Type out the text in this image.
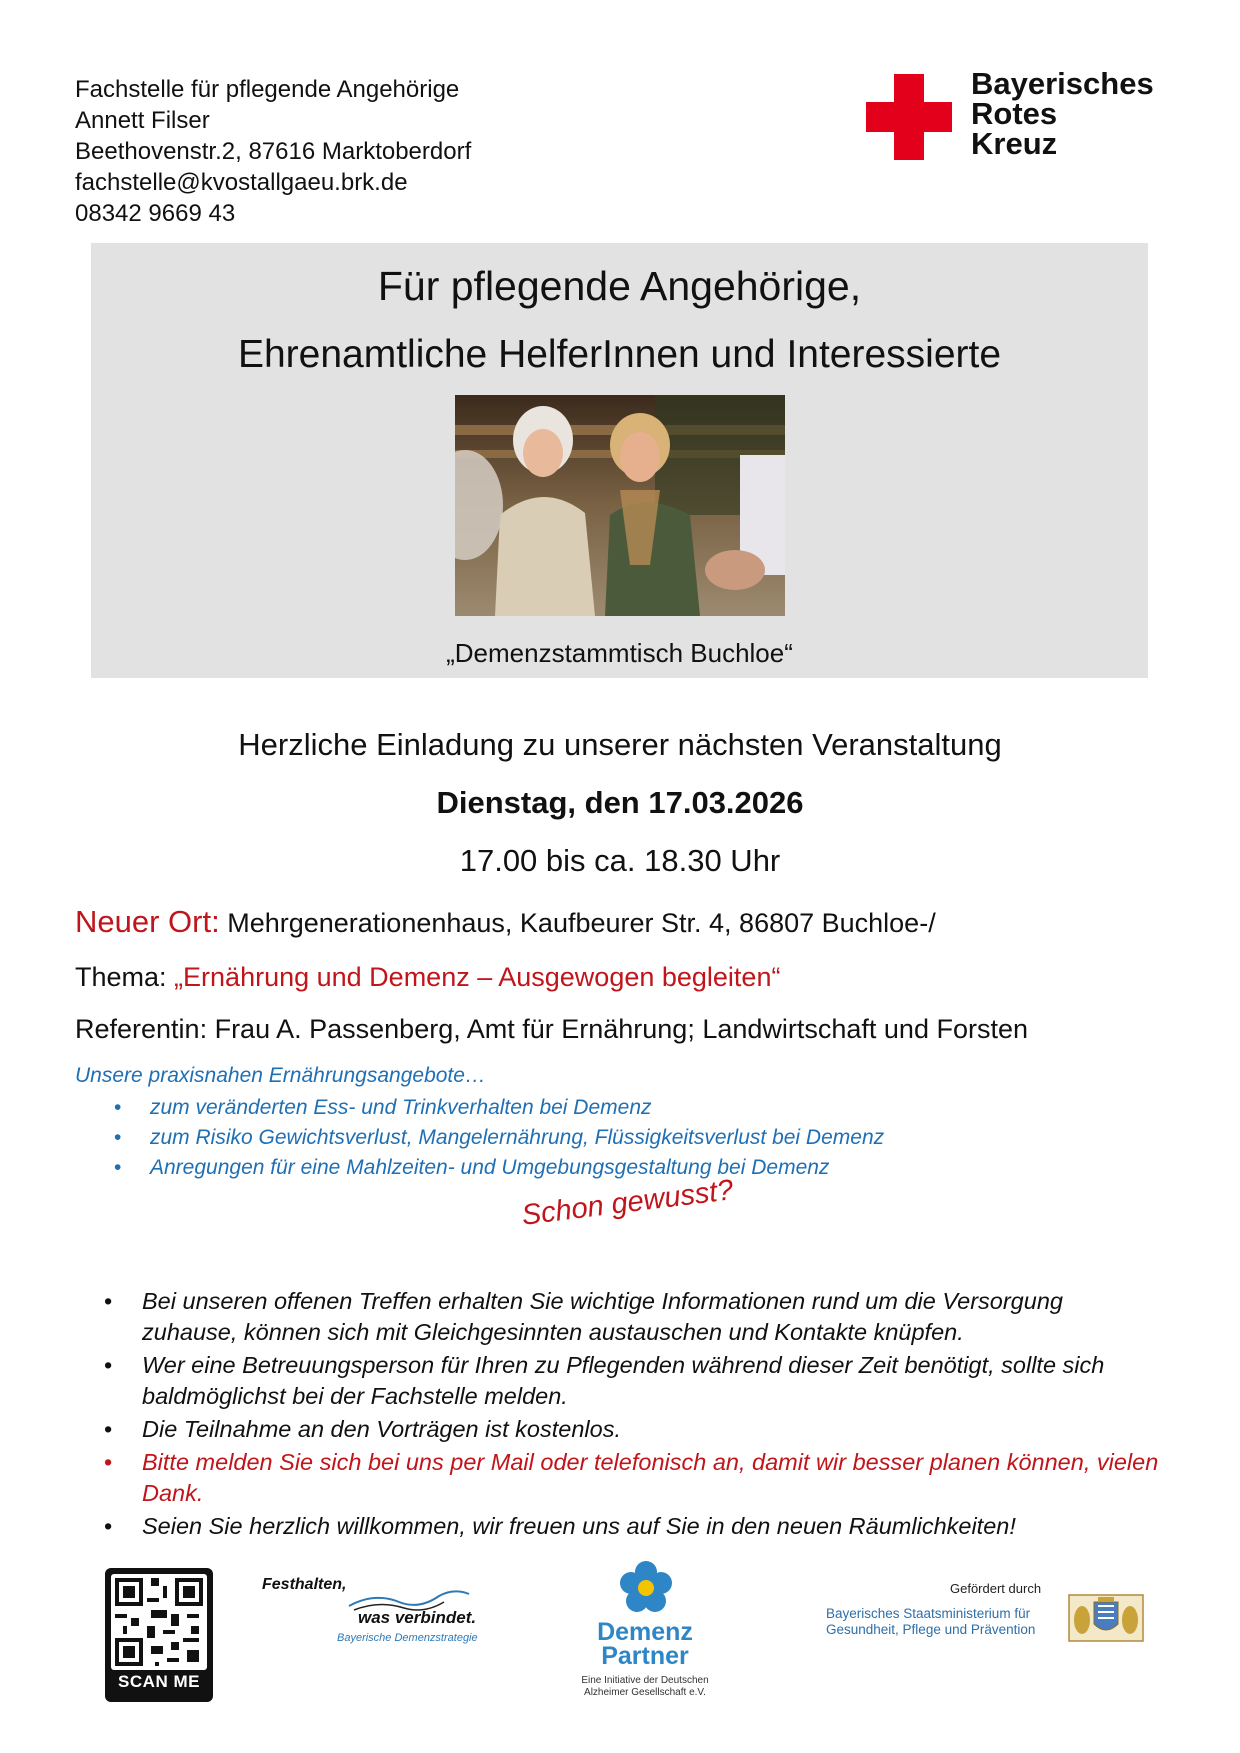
Fachstelle für pflegende Angehörige
Annett Filser
Beethovenstr.2, 87616 Marktoberdorf
fachstelle@kvostallgaeu.brk.de
08342 9669 43
Bayerisches
Rotes
Kreuz
Für pflegende Angehörige,
Ehrenamtliche HelferInnen und Interessierte
„Demenzstammtisch Buchloe“
Herzliche Einladung zu unserer nächsten Veranstaltung
Dienstag, den 17.03.2026
17.00 bis ca. 18.30 Uhr
Neuer Ort: Mehrgenerationenhaus, Kaufbeurer Str. 4, 86807 Buchloe-/
Thema: „Ernährung und Demenz – Ausgewogen begleiten“
Referentin: Frau A. Passenberg, Amt für Ernährung; Landwirtschaft und Forsten
Unsere praxisnahen Ernährungsangebote…
• zum veränderten Ess- und Trinkverhalten bei Demenz
• zum Risiko Gewichtsverlust, Mangelernährung, Flüssigkeitsverlust bei Demenz
• Anregungen für eine Mahlzeiten- und Umgebungsgestaltung bei Demenz
Schon gewusst?
• Bei unseren offenen Treffen erhalten Sie wichtige Informationen rund um die Versorgung zuhause, können sich mit Gleichgesinnten austauschen und Kontakte knüpfen.
• Wer eine Betreuungsperson für Ihren zu Pflegenden während dieser Zeit benötigt, sollte sich baldmöglichst bei der Fachstelle melden.
• Die Teilnahme an den Vorträgen ist kostenlos.
• Bitte melden Sie sich bei uns per Mail oder telefonisch an, damit wir besser planen können, vielen Dank.
• Seien Sie herzlich willkommen, wir freuen uns auf Sie in den neuen Räumlichkeiten!
SCAN ME
Festhalten,
was verbindet.
Bayerische Demenzstrategie	Demenz
Partner
Eine Initiative der Deutschen
Alzheimer Gesellschaft e.V.
Gefördert durch
Bayerisches Staatsministerium für
Gesundheit, Pflege und Prävention
